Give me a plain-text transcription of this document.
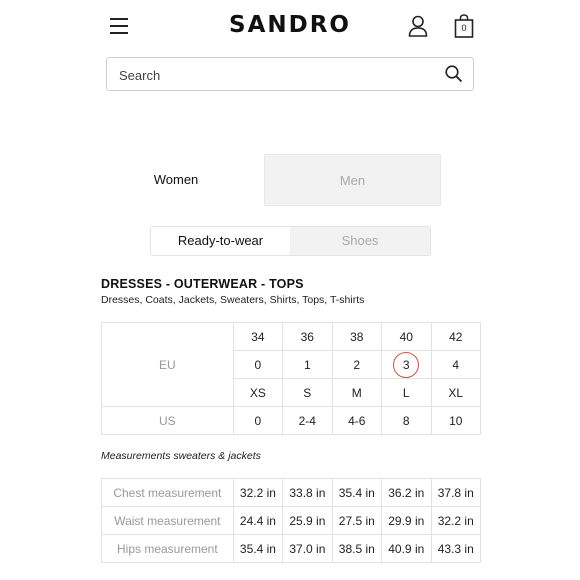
SANDRO	0
Search
Women	Men
Ready-to-wear	Shoes
DRESSES - OUTERWEAR - TOPS
Dresses, Coats, Jackets, Sweaters, Shirts, Tops, T-shirts
EU	34	36	38	40	42
	0	1	2	3	4
	XS	S	M	L	XL
US	0	2-4	4-6	8	10
Measurements sweaters & jackets
Chest measurement	32.2 in	33.8 in	35.4 in	36.2 in	37.8 in
Waist measurement	24.4 in	25.9 in	27.5 in	29.9 in	32.2 in
Hips measurement	35.4 in	37.0 in	38.5 in	40.9 in	43.3 in
